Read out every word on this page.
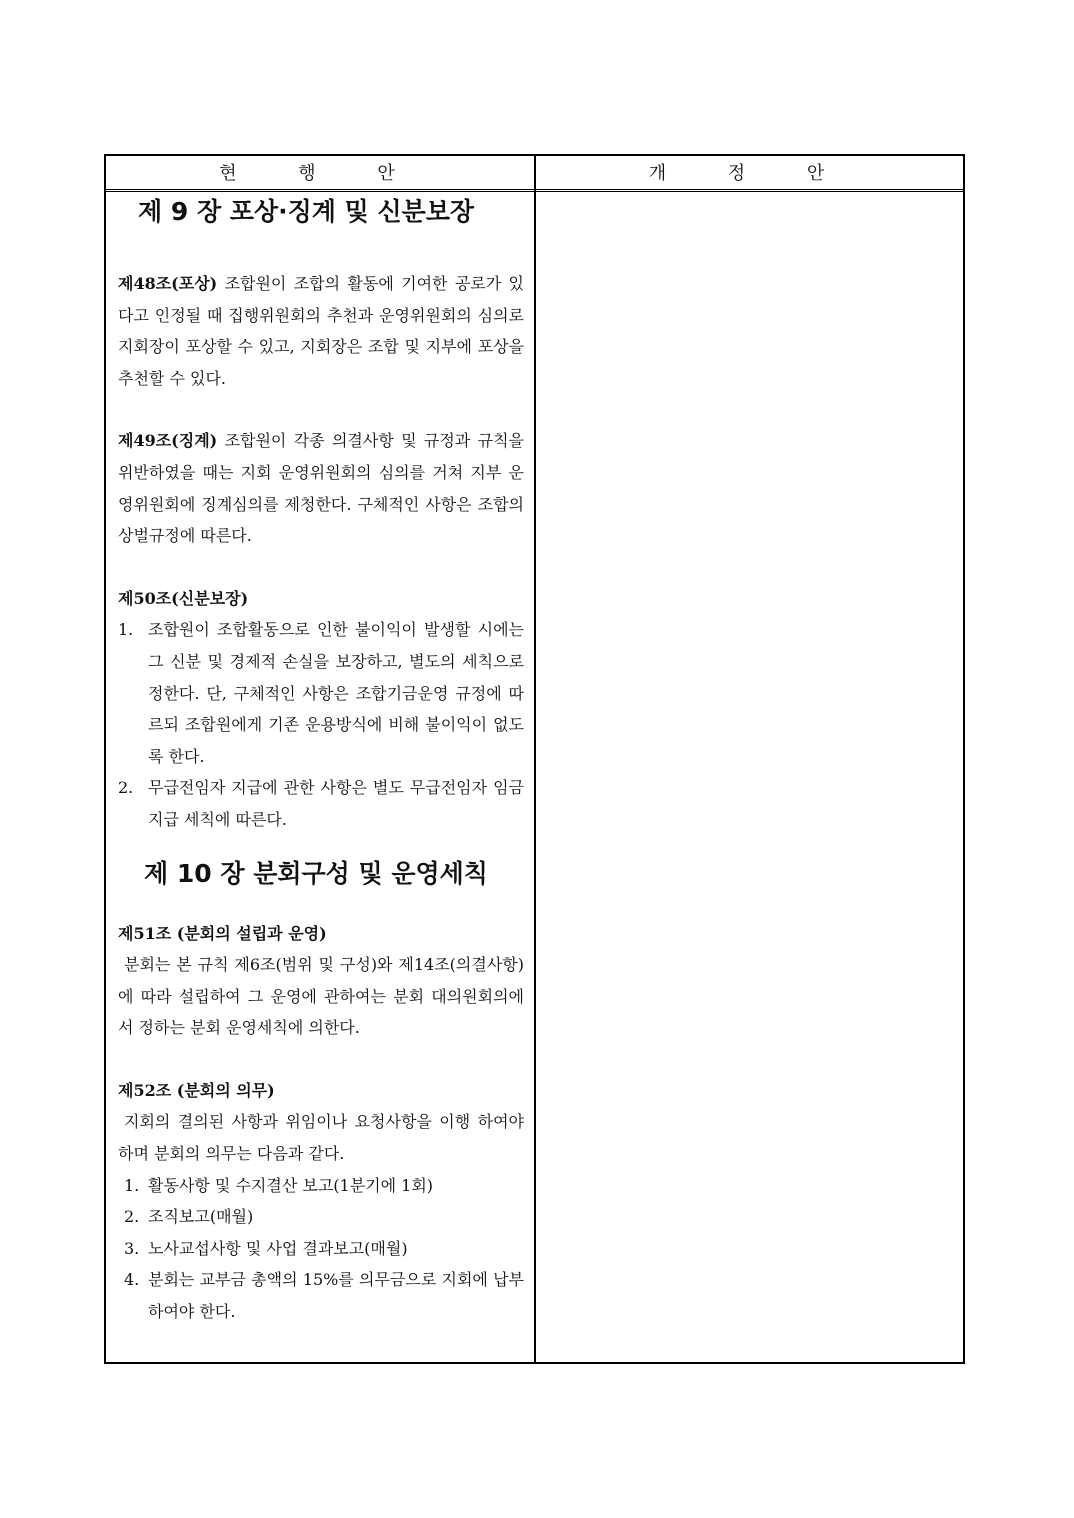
현 행 안	개 정 안
제 9 장 포상·징계 및 신분보장

제48조(포상) 조합원이 조합의 활동에 기여한 공로가 있다고 인정될 때 집행위원회의 추천과 운영위원회의 심의로 지회장이 포상할 수 있고, 지회장은 조합 및 지부에 포상을 추천할 수 있다.

제49조(징계) 조합원이 각종 의결사항 및 규정과 규칙을 위반하였을 때는 지회 운영위원회의 심의를 거쳐 지부 운영위원회에 징계심의를 제청한다. 구체적인 사항은 조합의 상벌규정에 따른다.

제50조(신분보장)

1. 조합원이 조합활동으로 인한 불이익이 발생할 시에는 그 신분 및 경제적 손실을 보장하고, 별도의 세칙으로 정한다. 단, 구체적인 사항은 조합기금운영 규정에 따르되 조합원에게 기존 운용방식에 비해 불이익이 없도록 한다.
2. 무급전임자 지급에 관한 사항은 별도 무급전임자 임금지급 세칙에 따른다.
제 10 장 분회구성 및 운영세칙

제51조 (분회의 설립과 운영)

분회는 본 규칙 제6조(범위 및 구성)와 제14조(의결사항)에 따라 설립하여 그 운영에 관하여는 분회 대의원회의에서 정하는 분회 운영세칙에 의한다.

제52조 (분회의 의무)

지회의 결의된 사항과 위임이나 요청사항을 이행 하여야 하며 분회의 의무는 다음과 같다.

1. 활동사항 및 수지결산 보고(1분기에 1회)
2. 조직보고(매월)
3. 노사교섭사항 및 사업 결과보고(매월)
4. 분회는 교부금 총액의 15%를 의무금으로 지회에 납부하여야 한다.
